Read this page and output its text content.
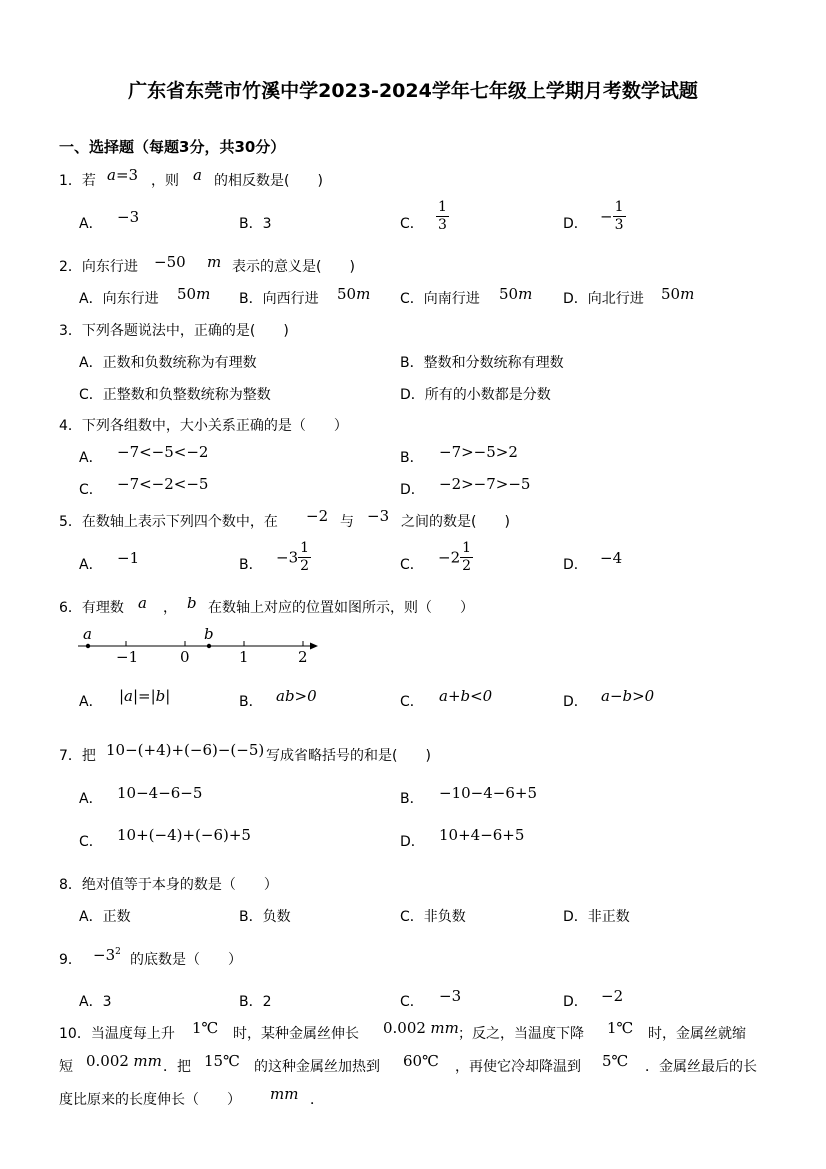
广东省东莞市竹溪中学2023-2024学年七年级上学期月考数学试题
一、选择题（每题3分，共30分）
1．若 a=3 ，则 a 的相反数是(　　)
A． −3	B．3	C． $\frac{1}{3}$	D． − $\frac{1}{3}$
2．向东行进 −50 m 表示的意义是(　　)
A．向东行进 50m B．向西行进 50m C．向南行进 50m D．向北行进 50m
3．下列各题说法中，正确的是(　　)
A．正数和负数统称为有理数	B．整数和分数统称有理数
C．正整数和负整数统称为整数	D．所有的小数都是分数
4．下列各组数中，大小关系正确的是（　　）
A． −7<−5<−2	B． −7>−5>2
C． −7<−2<−5	D． −2>−7>−5
5．在数轴上表示下列四个数中，在 −2 与 −3 之间的数是(　　)
A． −1	B． $-3 \frac{1}{2}$	C． $-2 \frac{1}{2}$	D． −4
6．有理数 a ， b 在数轴上对应的位置如图所示，则（　　）
a	b
−1	0	1	2
A． |a|=|b|	B． ab>0	C． a+b<0	D． a−b>0
7．把 10−(+4)+(−6)−(−5) 写成省略括号的和是(　　)
A． 10−4−6−5	B． −10−4−6+5
C． 10+(−4)+(−6)+5	D． 10+4−6+5
8．绝对值等于本身的数是（　　）
A．正数	B．负数	C．非负数	D．非正数
9． $-3^2$ 的底数是（　　）
A．3	B．2	C． −3	D． −2
10．当温度每上升 1℃ 时，某种金属丝伸长 0.002 mm ；反之，当温度下降 1℃ 时，金属丝就缩
短 0.002 mm ．把 15℃ 的这种金属丝加热到 60℃ ，再使它冷却降温到 5℃ ．金属丝最后的长
度比原来的长度伸长（　　） mm ．
